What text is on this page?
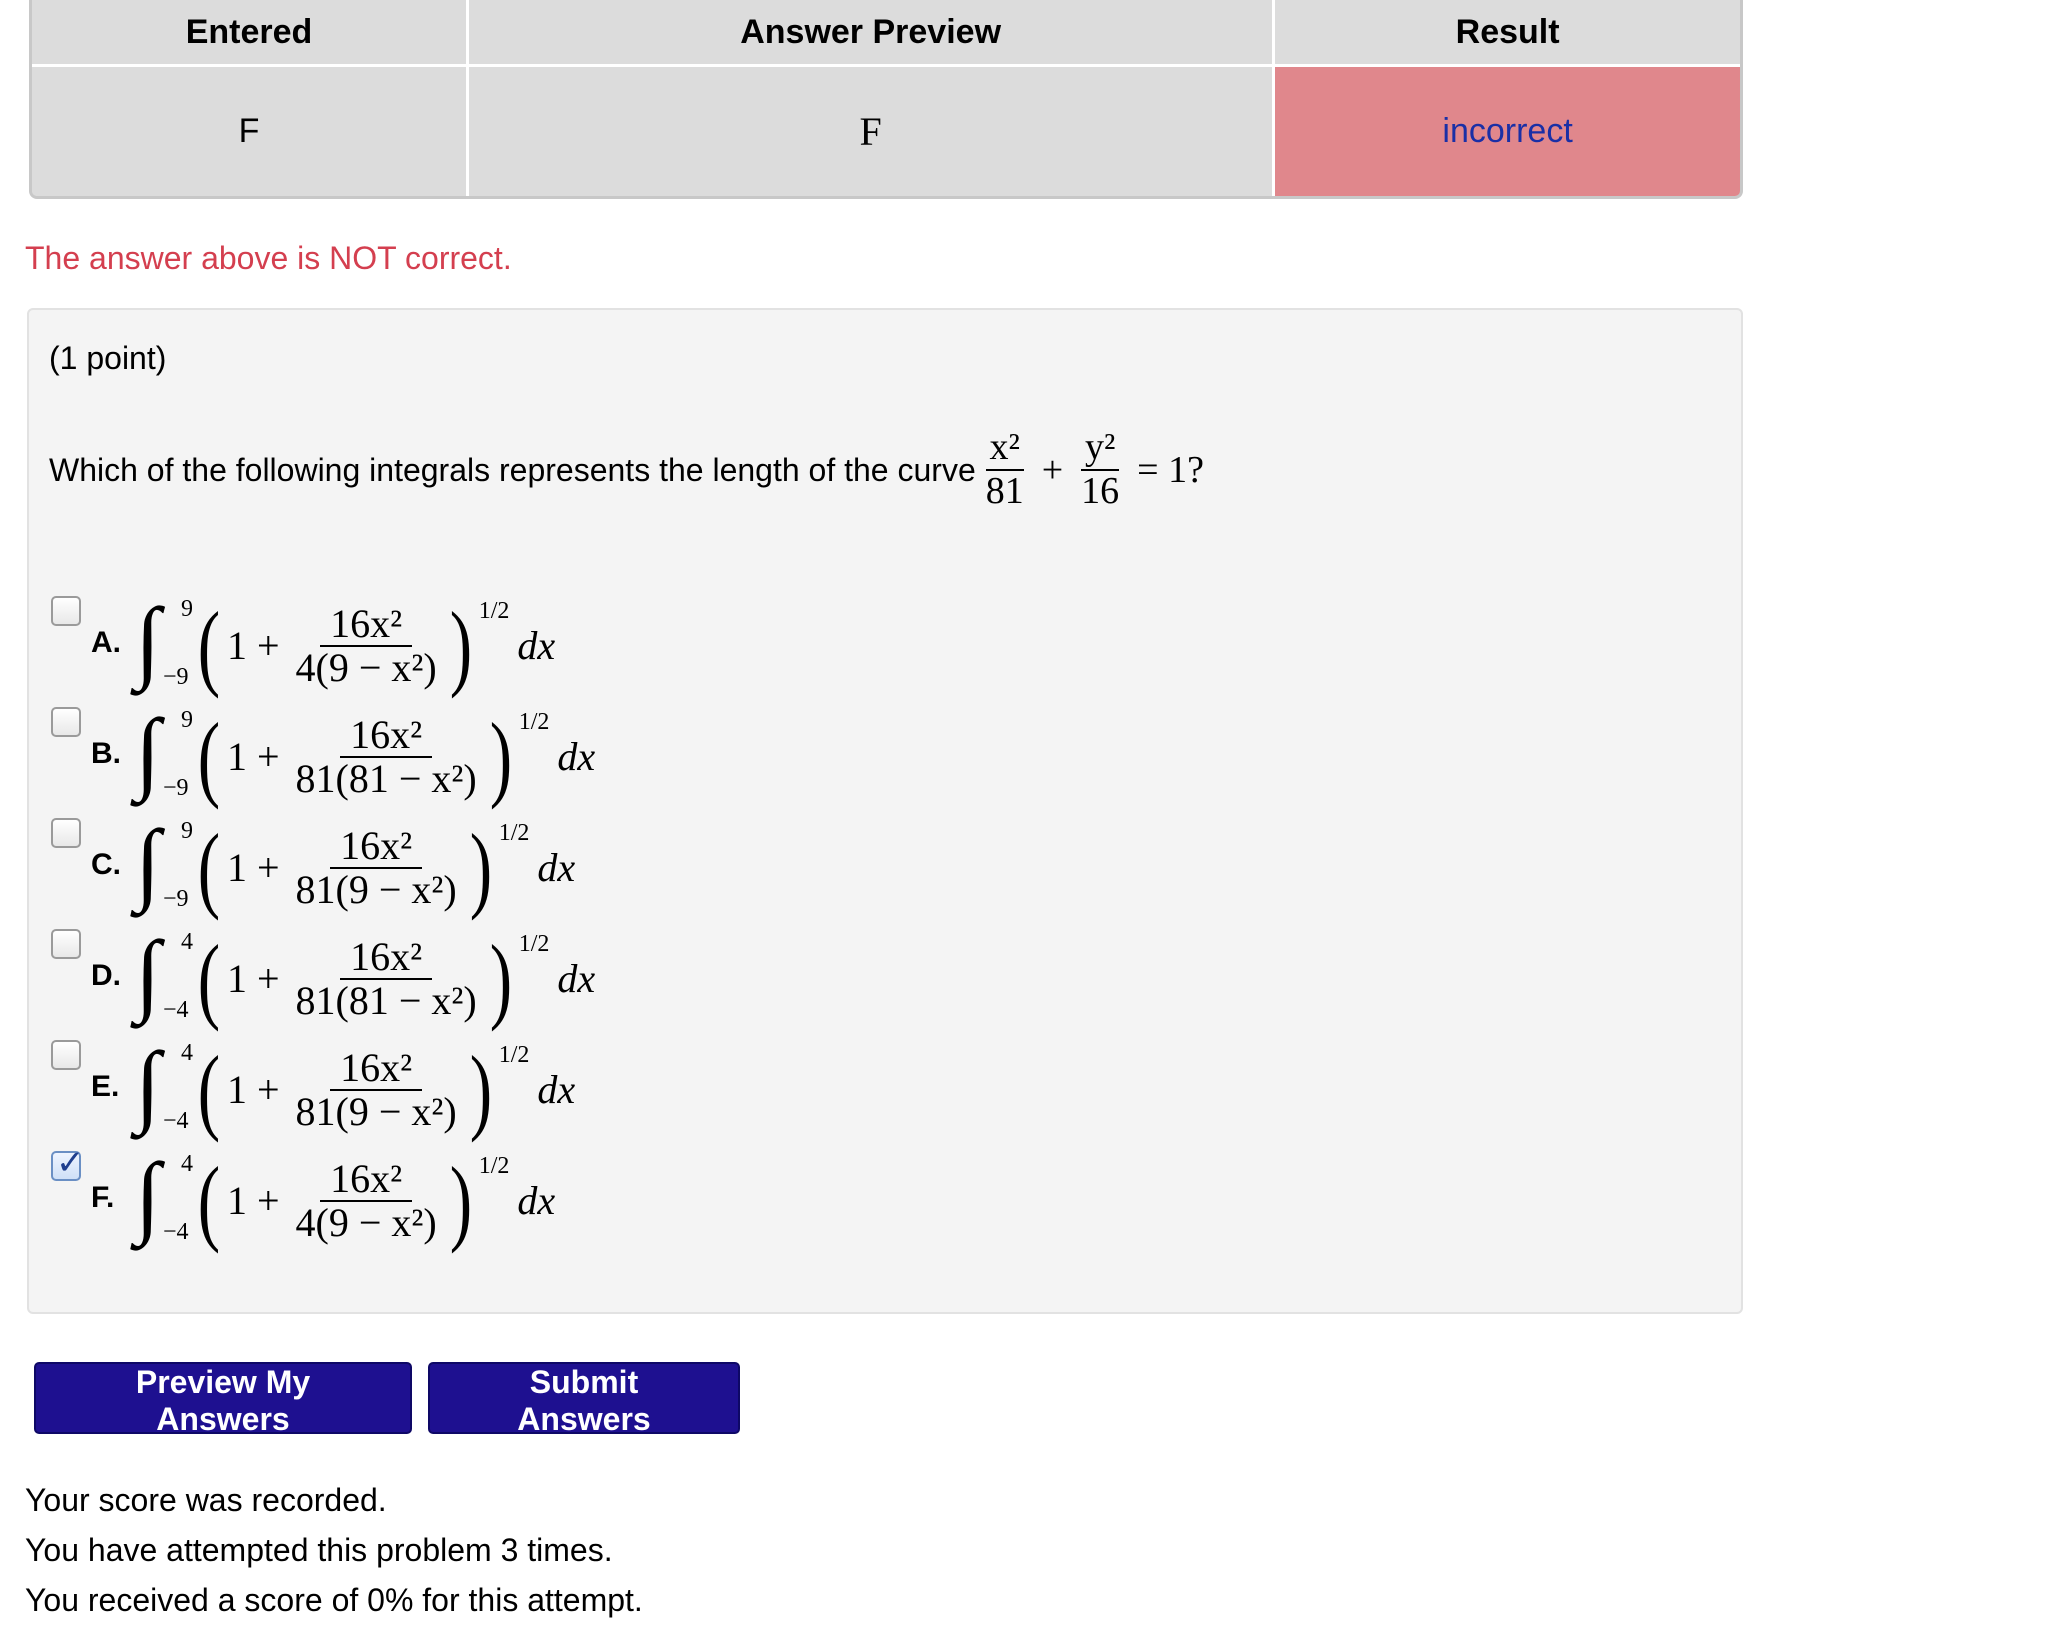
Entered	Answer Preview	Result
F	F	incorrect
The answer above is NOT correct.
(1 point)
Which of the following integrals represents the length of the curve $\frac{\text{x²}}{81} + \frac{\text{y²}}{16} = 1$?
A. ∫ 9
−9 ( $1 + \frac{\text{16x²}}{\text{4(9 − x²)}}$ ) 1/2
dx
B. ∫ 9
−9 ( $1 + \frac{\text{16x²}}{\text{81(81 − x²)}}$ ) 1/2
dx
C. ∫ 9
−9 ( $1 + \frac{\text{16x²}}{\text{81(9 − x²)}}$ ) 1/2
dx
D. ∫ 4
−4 ( $1 + \frac{\text{16x²}}{\text{81(81 − x²)}}$ ) 1/2
dx
E. ∫ 4
−4 ( $1 + \frac{\text{16x²}}{\text{81(9 − x²)}}$ ) 1/2
dx
✓
F. ∫ 4
−4 ( $1 + \frac{\text{16x²}}{\text{4(9 − x²)}}$ ) 1/2
dx
Preview My Answers
Submit Answers
Your score was recorded.
You have attempted this problem 3 times.
You received a score of 0% for this attempt.
